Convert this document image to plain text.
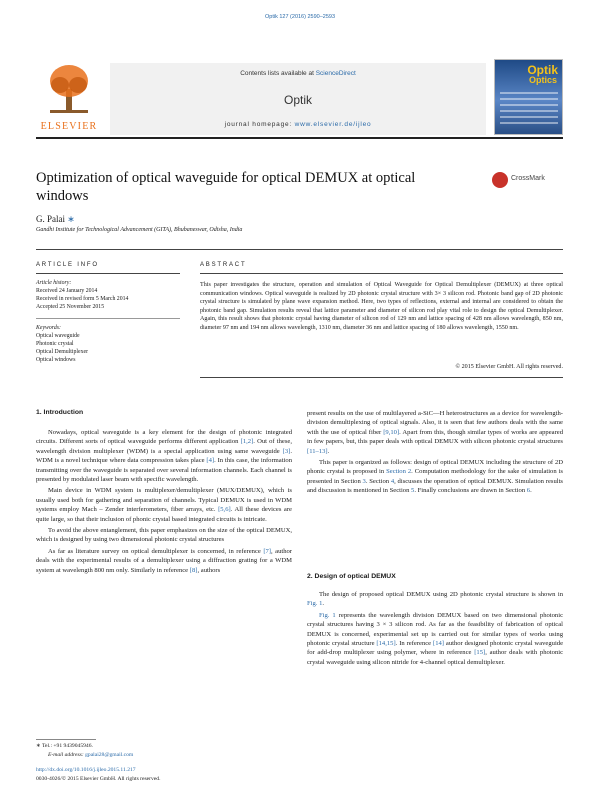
Optik 127 (2016) 2590–2593
ELSEVIER
Contents lists available at ScienceDirect
Optik
journal homepage: www.elsevier.de/ijleo
Optik
Optics
Optimization of optical waveguide for optical DEMUX at optical windows
CrossMark
G. Palai ∗
Gandhi Institute for Technological Advancement (GITA), Bhubaneswar, Odisha, India
ARTICLE INFO	ABSTRACT
Article history:
Received 24 January 2014
Received in revised form 5 March 2014
Accepted 25 November 2015
Keywords:
Optical waveguide
Photonic crystal
Optical Demultiplexer
Optical windows
This paper investigates the structure, operation and simulation of Optical Waveguide for Optical Demultiplexer (DEMUX) at three optical communication windows. Optical waveguide is realized by 2D photonic crystal structure with 3× 3 silicon rod. Photonic band gap of 2D photonic crystal structure is simulated by plane wave expansion method. Here, two types of reflections, external and internal are considered to obtain the photonic band gap. Simulation results reveal that lattice parameter and diameter of silicon rod play vital role to design the optical Demultiplexer. Again, this result shows that photonic crystal having diameter of silicon rod of 129 nm and lattice spacing of 428 nm allows wavelength, 850 nm, diameter 97 nm and 194 nm allows wavelength, 1310 nm, diameter 36 nm and lattice spacing of 180 allows wavelength, 1550 nm.
© 2015 Elsevier GmbH. All rights reserved.
1. Introduction

Nowadays, optical waveguide is a key element for the design of photonic integrated circuits. Different sorts of optical waveguide performs different application [1,2]. Out of these, wavelength division multiplexer (WDM) is a special application using same waveguide [3]. WDM is a novel technique where data compression takes place [4]. In this case, the information transmitting over the waveguide is separated over several information channels. Each channel is presented by modulated laser beam with specific wavelength.

Main device in WDM system is multiplexer/demultiplexer (MUX/DEMUX), which is usually used both for gathering and separation of channels. Typical DEMUX is used in WDM systems employ Mach – Zender interferometers, fiber arrays, etc. [5,6]. All these devices are quite large, so that their inclusion of phonic crystal based integrated circuits is intricate.

To avoid the above entanglement, this paper emphasizes on the size of the optical DEMUX, which is designed by using two dimensional photonic crystal structures

As far as literature survey on optical demultiplexer is concerned, in reference [7], author deals with the experimental results of a demultiplexer using a diffraction grating for a WDM system at wavelength 800 nm only. Similarly in reference [8], authors

present results on the use of multilayered a-SiC—H heterostructures as a device for wavelength-division demultiplexing of optical signals. Also, it is seen that few authors deals with the same with the use of optical fiber [9,10]. Apart from this, though similar types of works are appeared in few papers, but, this paper deals with optical DEMUX with silicon photonic crystal structures [11–13].

This paper is organized as follows: design of optical DEMUX including the structure of 2D phonic crystal is proposed in Section 2. Computation methodology for the sake of simulation is presented in Section 3. Section 4, discusses the operation of optical DEMUX. Simulation results and discussion is mentioned in Section 5. Finally conclusions are drawn in Section 6.

2. Design of optical DEMUX

The design of proposed optical DEMUX using 2D photonic crystal structure is shown in Fig. 1.

Fig. 1 represents the wavelength division DEMUX based on two dimensional photonic crystal structures having 3 × 3 silicon rod. As far as the feasibility of fabrication of optical DEMUX is concerned, experimental set up is carried out for similar types of works using photonic crystal structure [14,15]. In reference [14] author designed photonic crystal waveguide for add-drop multiplexer using polymer, where in reference [15], author deals with photonic crystal waveguide using silicon nitride for 4-channel optical demultiplexer.

∗ Tel.: +91 9439045946.
E-mail address: gpalai28@gmail.com
http://dx.doi.org/10.1016/j.ijleo.2015.11.217
0030-4026/© 2015 Elsevier GmbH. All rights reserved.
